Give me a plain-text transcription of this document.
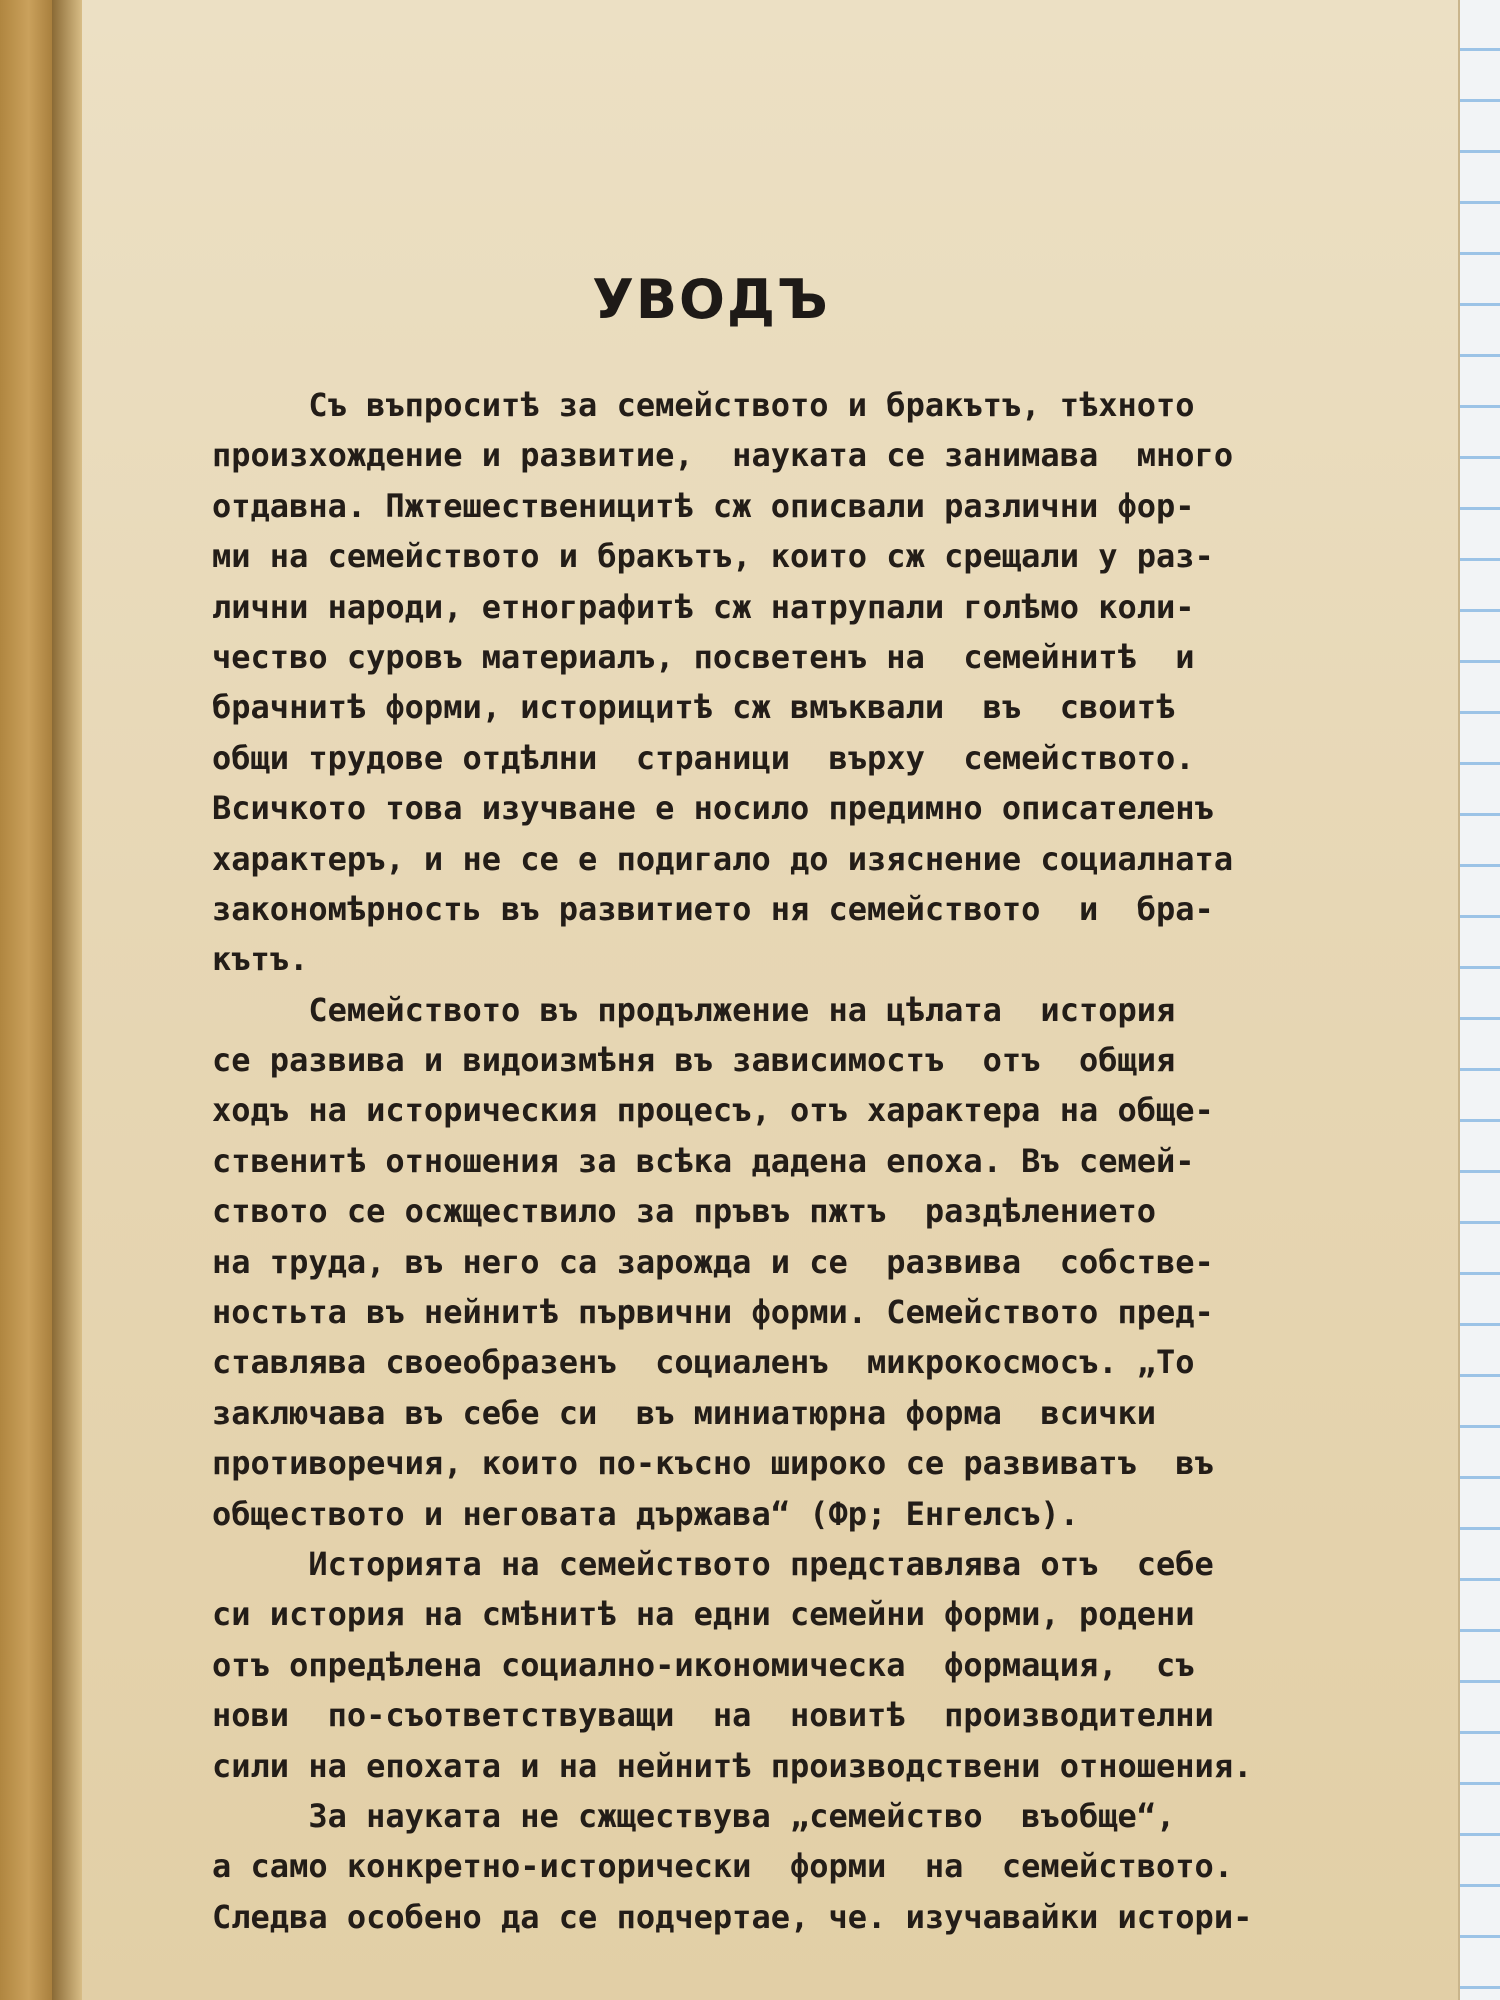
УВОДЪ
Съ въпроситѣ за семейството и бракътъ, тѣхното
произхождение и развитие,  науката се занимава  много
отдавна. Пжтешественицитѣ сж описвали различни фор-
ми на семейството и бракътъ, които сж срещали у раз-
лични народи, етнографитѣ сж натрупали голѣмо коли-
чество суровъ материалъ, посветенъ на  семейнитѣ  и
брачнитѣ форми, историцитѣ сж вмъквали  въ  своитѣ
общи трудове отдѣлни  страници  върху  семейството.
Всичкото това изучване е носило предимно описателенъ
характеръ, и не се е подигало до изяснение социалната
закономѣрность въ развитието ня семейството  и  бра-
кътъ.
Семейството въ продължение на цѣлата  история
се развива и видоизмѣня въ зависимостъ  отъ  общия
ходъ на историческия процесъ, отъ характера на обще-
ственитѣ отношения за всѣка дадена епоха. Въ семей-
ството се осжществило за пръвъ пжтъ  раздѣлението
на труда, въ него са зарожда и се  развива  собстве-
ностьта въ нейнитѣ първични форми. Семейството пред-
ставлява своеобразенъ  социаленъ  микрокосмосъ. „То
заключава въ себе си  въ миниатюрна форма  всички
противоречия, които по-късно широко се развиватъ  въ
обществото и неговата държава“ (Фр; Енгелсъ).
Историята на семейството представлява отъ  себе
си история на смѣнитѣ на едни семейни форми, родени
отъ опредѣлена социално-икономическа  формация,  съ
нови  по-съответствуващи  на  новитѣ  производителни
сили на епохата и на нейнитѣ производствени отношения.
За науката не сжществува „семейство  въобще“,
а само конкретно-исторически  форми  на  семейството.
Следва особено да се подчертае, че. изучавайки истори-
